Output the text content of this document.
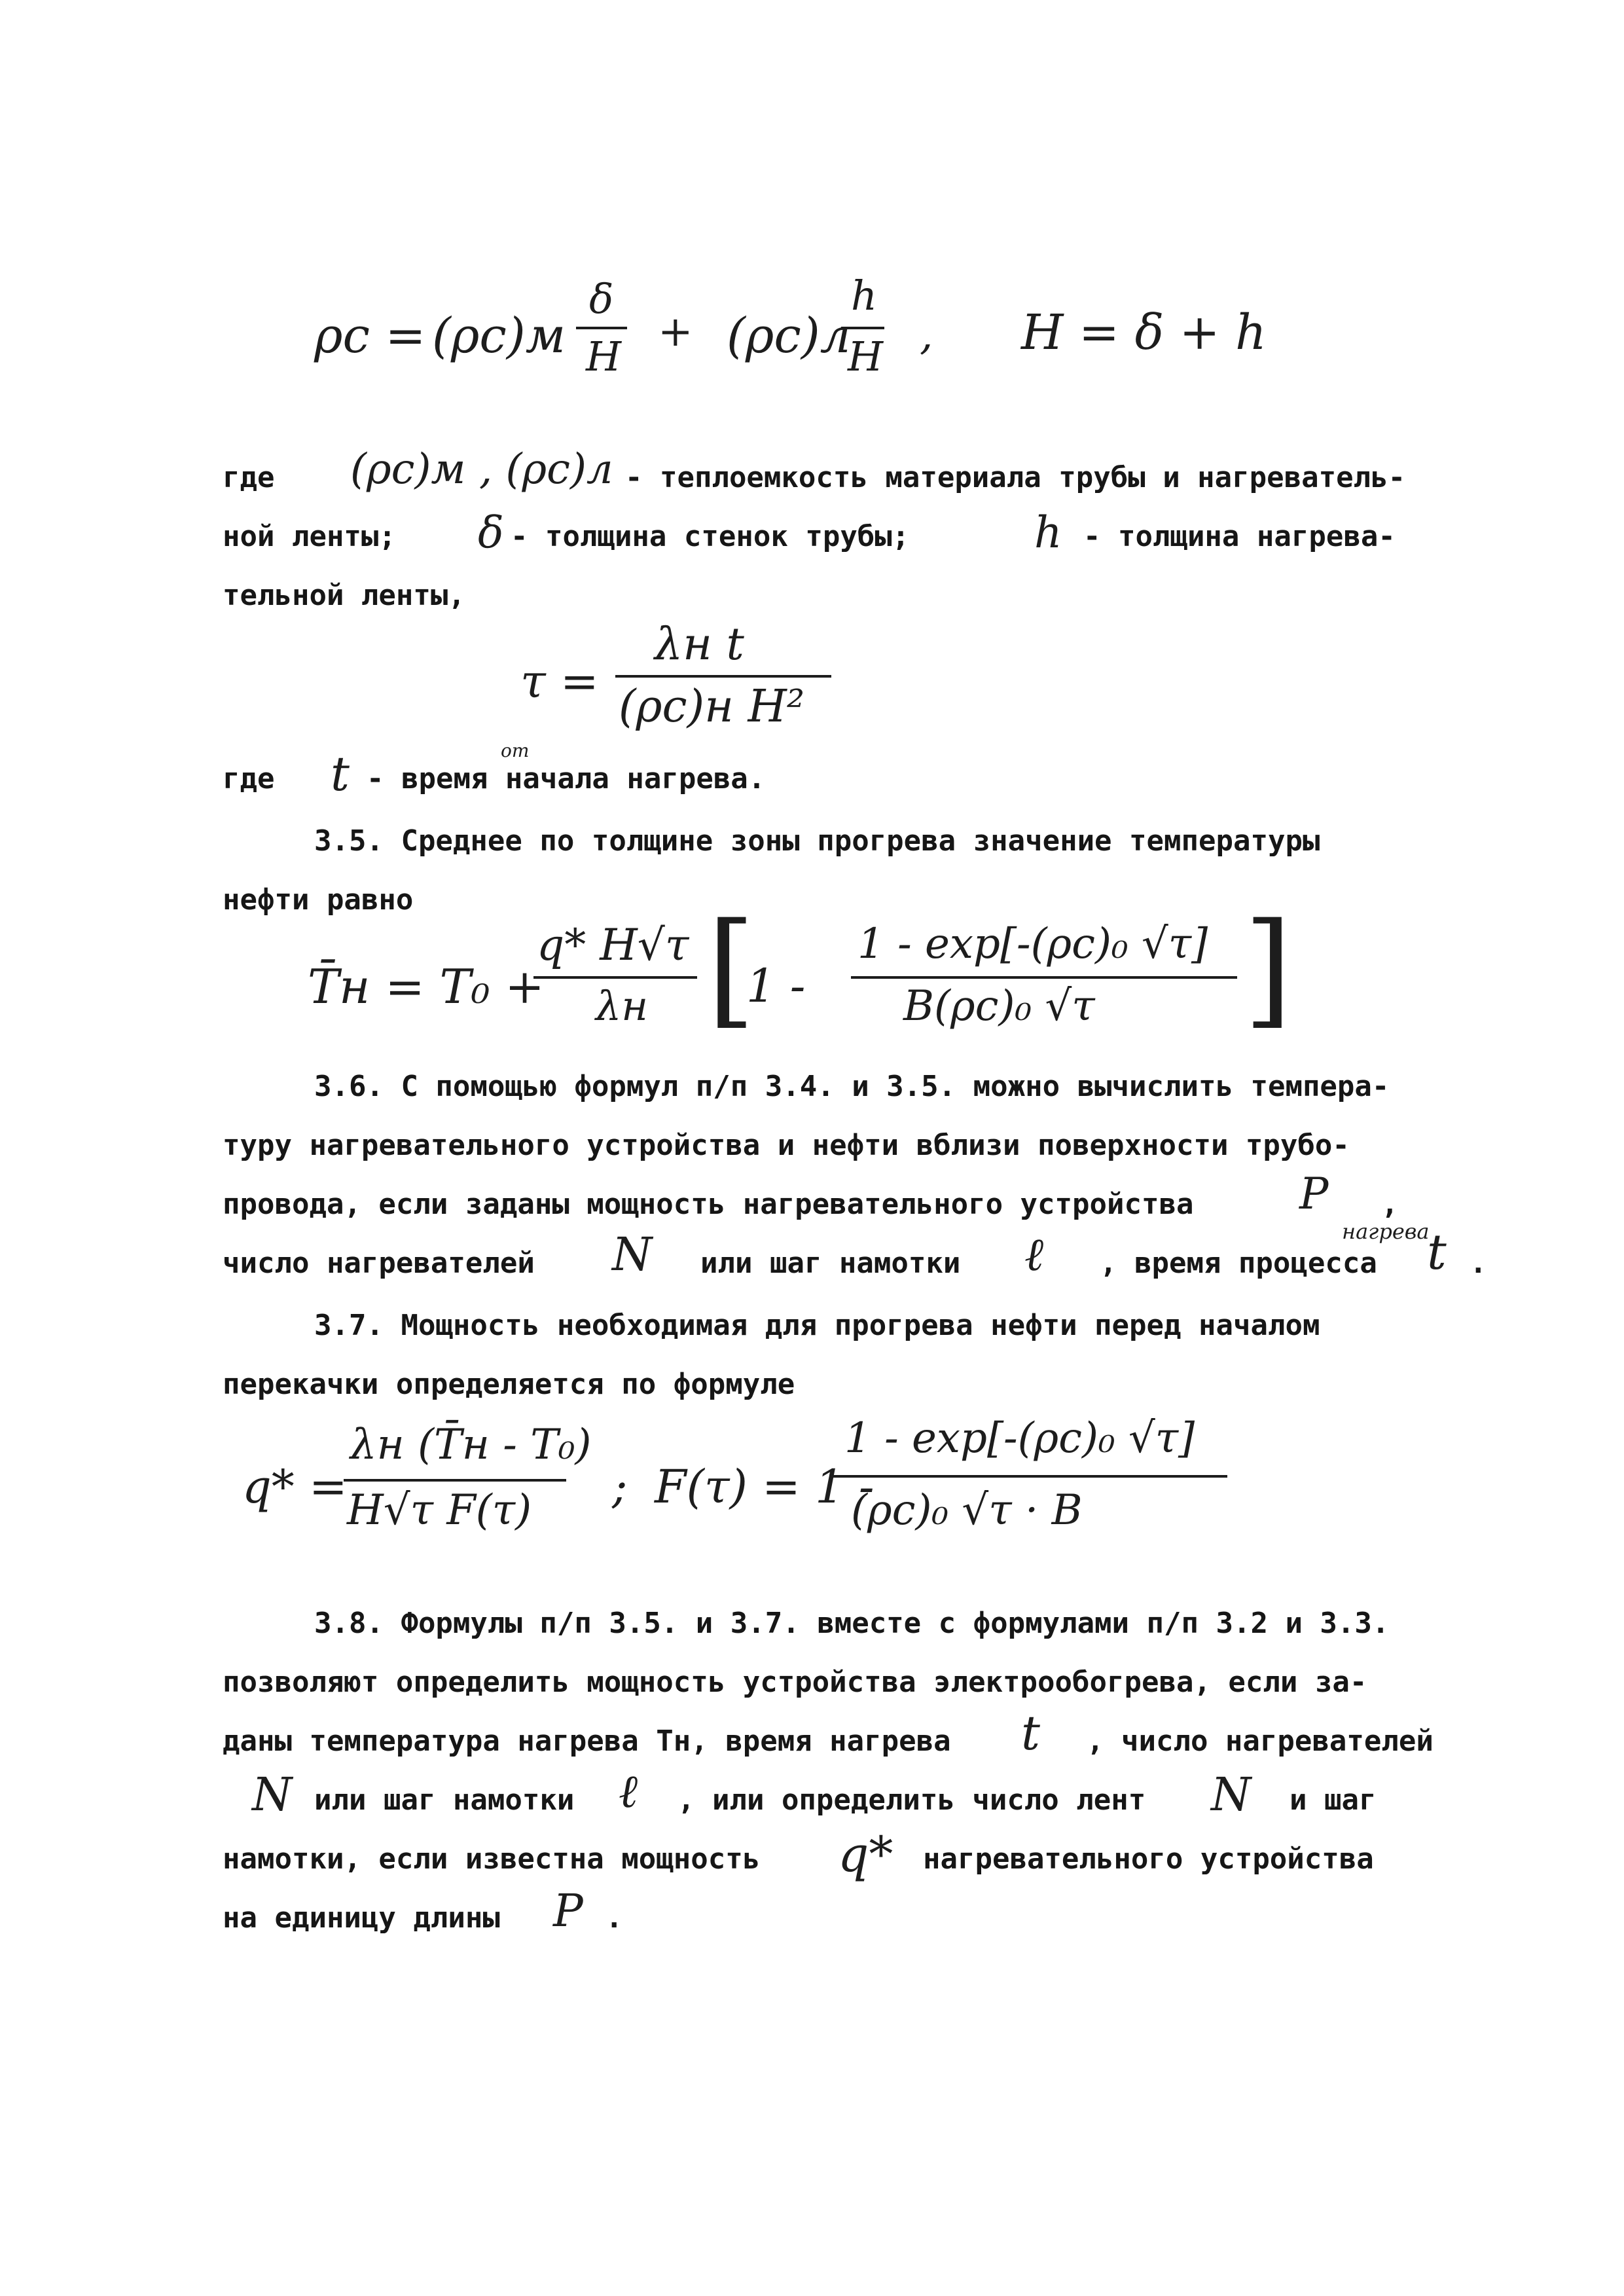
ρc = (ρc)м
δ
H
+ (ρc)л
h
H , H = δ + h
где (ρc)м , (ρc)л - теплоемкость материала трубы и нагреватель-
ной ленты; δ - толщина стенок трубы;	h - толщина нагрева-
тельной ленты,
τ =
λн t
(ρc)н H²
где t - время начала нагрева.
от
3.5. Среднее по толщине зоны прогрева значение температуры
нефти равно
T̄н = T₀ +
q* H√τ
λн [
1 -
1 - exp[-(ρc)₀ √τ]
B(ρc)₀ √τ ]
3.6. С помощью формул п/п 3.4. и 3.5. можно вычислить темпера-
туру нагревательного устройства и нефти вблизи поверхности трубо-
провода, если заданы мощность нагревательного устройства P ,
число нагревателей N или шаг намотки ℓ , время процесса
нагрева
t .
3.7. Мощность необходимая для прогрева нефти перед началом
перекачки определяется по формуле
q* =
λн (T̄н - T₀)
H√τ F(τ) ; F(τ) = 1 -
1 - exp[-(ρc)₀ √τ]
(ρc)₀ √τ · B
3.8. Формулы п/п 3.5. и 3.7. вместе с формулами п/п 3.2 и 3.3.
позволяют определить мощность устройства электрообогрева, если за-
даны температура нагрева Тн, время нагрева t , число нагревателей
N или шаг намотки ℓ , или определить число лент N и шаг
намотки, если известна мощность q* нагревательного устройства
на единицу длины P .
